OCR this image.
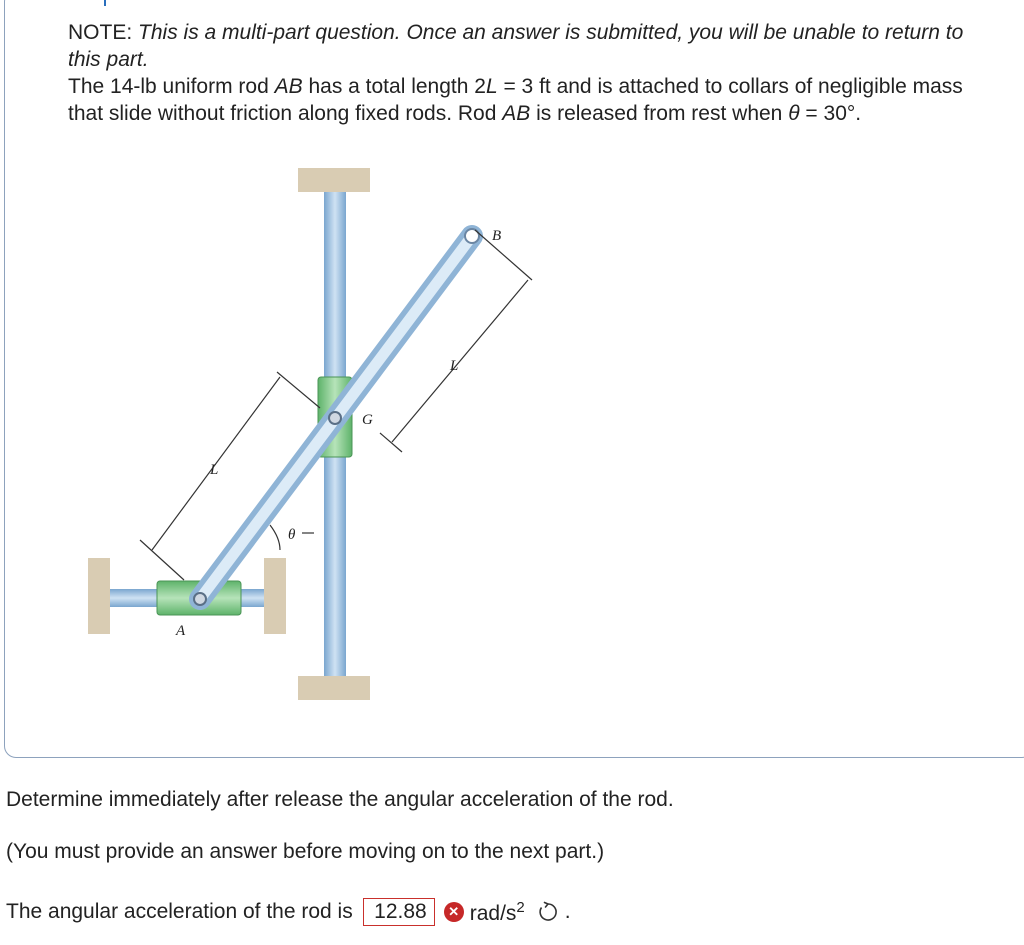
NOTE: This is a multi-part question. Once an answer is submitted, you will be unable to return to this part.

The 14-lb uniform rod AB has a total length 2L = 3 ft and is attached to collars of negligible mass that slide without friction along fixed rods. Rod AB is released from rest when θ = 30°.

B
G
A
L
L
θ
Determine immediately after release the angular acceleration of the rod.
(You must provide an answer before moving on to the next part.)
The angular acceleration of the rod is 12.88	✕ rad/$s^2$ .
